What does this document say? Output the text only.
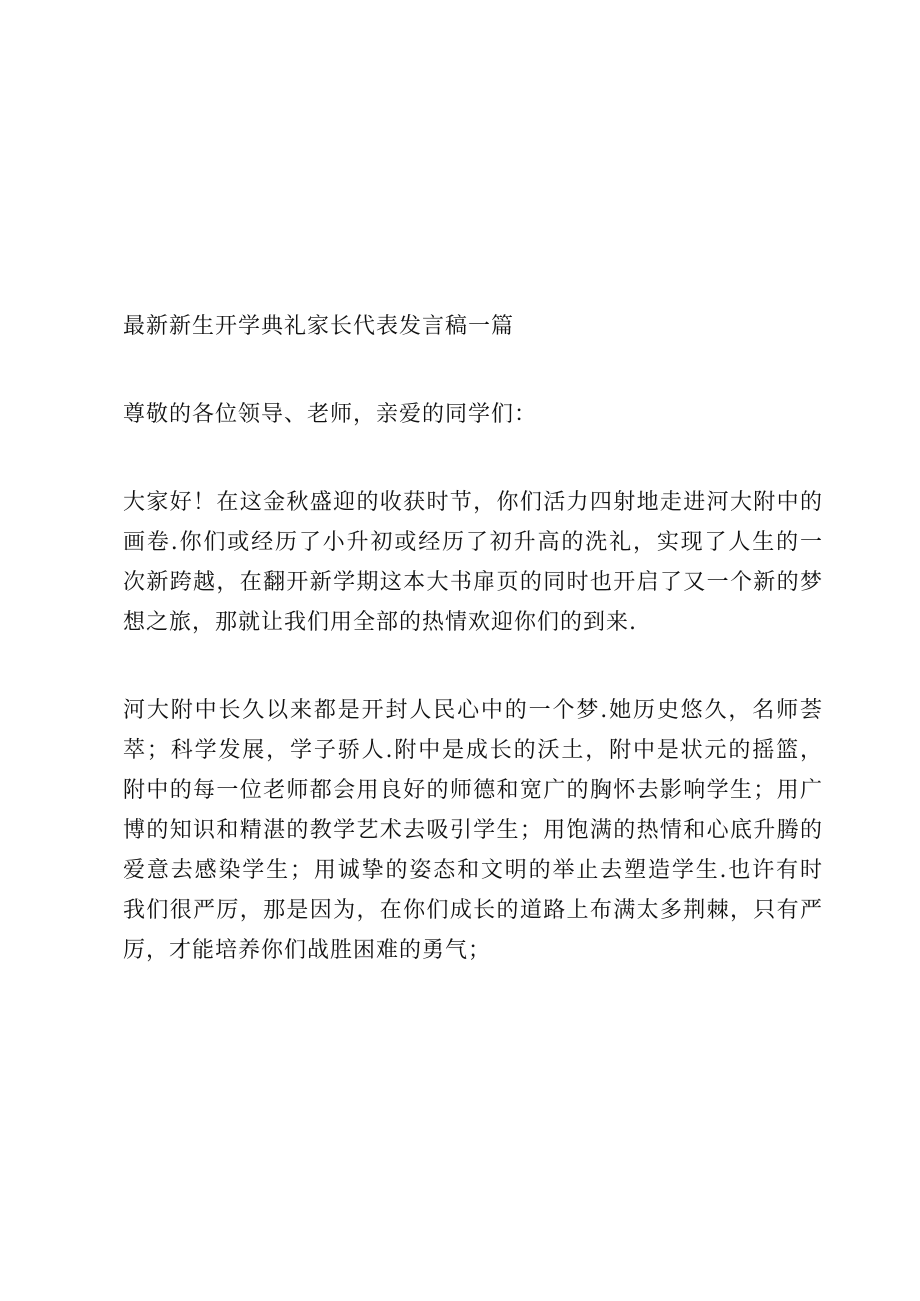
最新新生开学典礼家长代表发言稿一篇

尊敬的各位领导、老师，亲爱的同学们：

大家好！在这金秋盛迎的收获时节，你们活力四射地走进河大附中的
画卷.你们或经历了小升初或经历了初升高的洗礼，实现了人生的一
次新跨越，在翻开新学期这本大书扉页的同时也开启了又一个新的梦
想之旅，那就让我们用全部的热情欢迎你们的到来.

河大附中长久以来都是开封人民心中的一个梦.她历史悠久，名师荟
萃；科学发展，学子骄人.附中是成长的沃土，附中是状元的摇篮，
附中的每一位老师都会用良好的师德和宽广的胸怀去影响学生；用广
博的知识和精湛的教学艺术去吸引学生；用饱满的热情和心底升腾的
爱意去感染学生；用诚挚的姿态和文明的举止去塑造学生.也许有时
我们很严厉，那是因为，在你们成长的道路上布满太多荆棘，只有严
厉，才能培养你们战胜困难的勇气；
